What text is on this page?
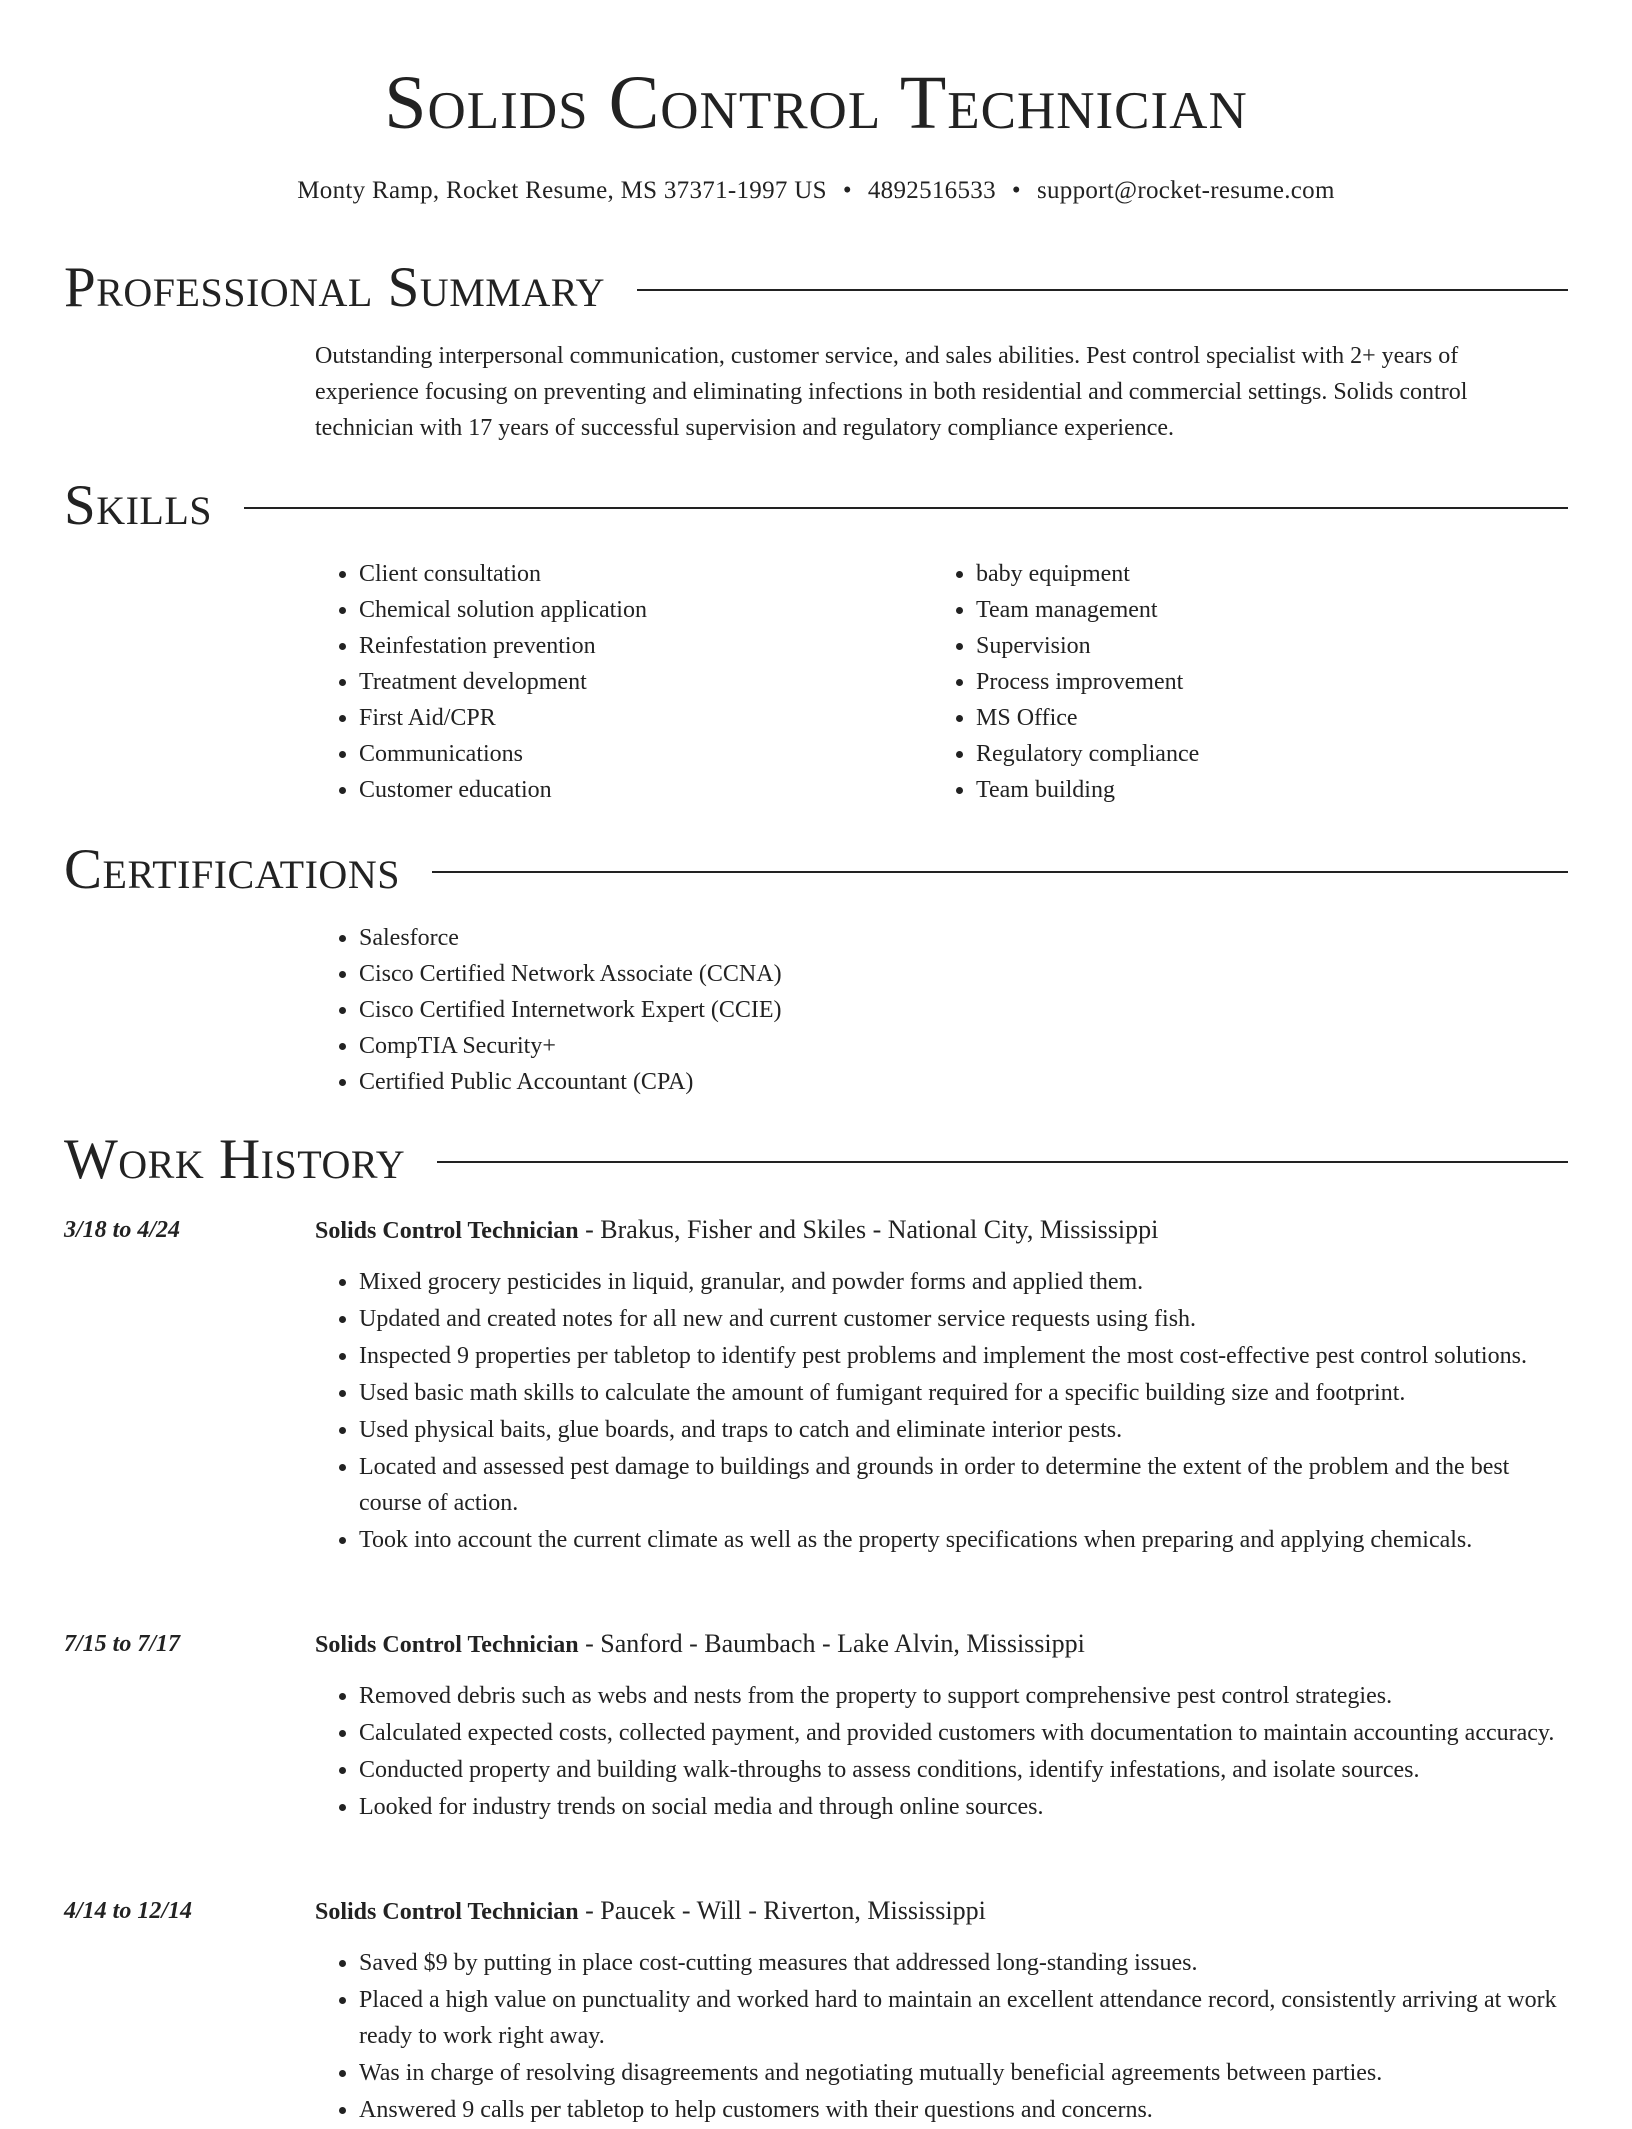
Solids Control Technician
Monty Ramp, Rocket Resume, MS 37371-1997 US • 4892516533 • support@rocket-resume.com
Professional Summary

Outstanding interpersonal communication, customer service, and sales abilities. Pest control specialist with 2+ years of experience focusing on preventing and eliminating infections in both residential and commercial settings. Solids control technician with 17 years of successful supervision and regulatory compliance experience.

Skills
• Client consultation
• Chemical solution application
• Reinfestation prevention
• Treatment development
• First Aid/CPR
• Communications
• Customer education
• baby equipment
• Team management
• Supervision
• Process improvement
• MS Office
• Regulatory compliance
• Team building
Certifications
• Salesforce
• Cisco Certified Network Associate (CCNA)
• Cisco Certified Internetwork Expert (CCIE)
• CompTIA Security+
• Certified Public Accountant (CPA)
Work History
3/18 to 4/24	Solids Control Technician - Brakus, Fisher and Skiles - National City, Mississippi
• Mixed grocery pesticides in liquid, granular, and powder forms and applied them.
• Updated and created notes for all new and current customer service requests using fish.
• Inspected 9 properties per tabletop to identify pest problems and implement the most cost-effective pest control solutions.
• Used basic math skills to calculate the amount of fumigant required for a specific building size and footprint.
• Used physical baits, glue boards, and traps to catch and eliminate interior pests.
• Located and assessed pest damage to buildings and grounds in order to determine the extent of the problem and the best course of action.
• Took into account the current climate as well as the property specifications when preparing and applying chemicals.
7/15 to 7/17	Solids Control Technician - Sanford - Baumbach - Lake Alvin, Mississippi
• Removed debris such as webs and nests from the property to support comprehensive pest control strategies.
• Calculated expected costs, collected payment, and provided customers with documentation to maintain accounting accuracy.
• Conducted property and building walk-throughs to assess conditions, identify infestations, and isolate sources.
• Looked for industry trends on social media and through online sources.
4/14 to 12/14	Solids Control Technician - Paucek - Will - Riverton, Mississippi
• Saved $9 by putting in place cost-cutting measures that addressed long-standing issues.
• Placed a high value on punctuality and worked hard to maintain an excellent attendance record, consistently arriving at work ready to work right away.
• Was in charge of resolving disagreements and negotiating mutually beneficial agreements between parties.
• Answered 9 calls per tabletop to help customers with their questions and concerns.
